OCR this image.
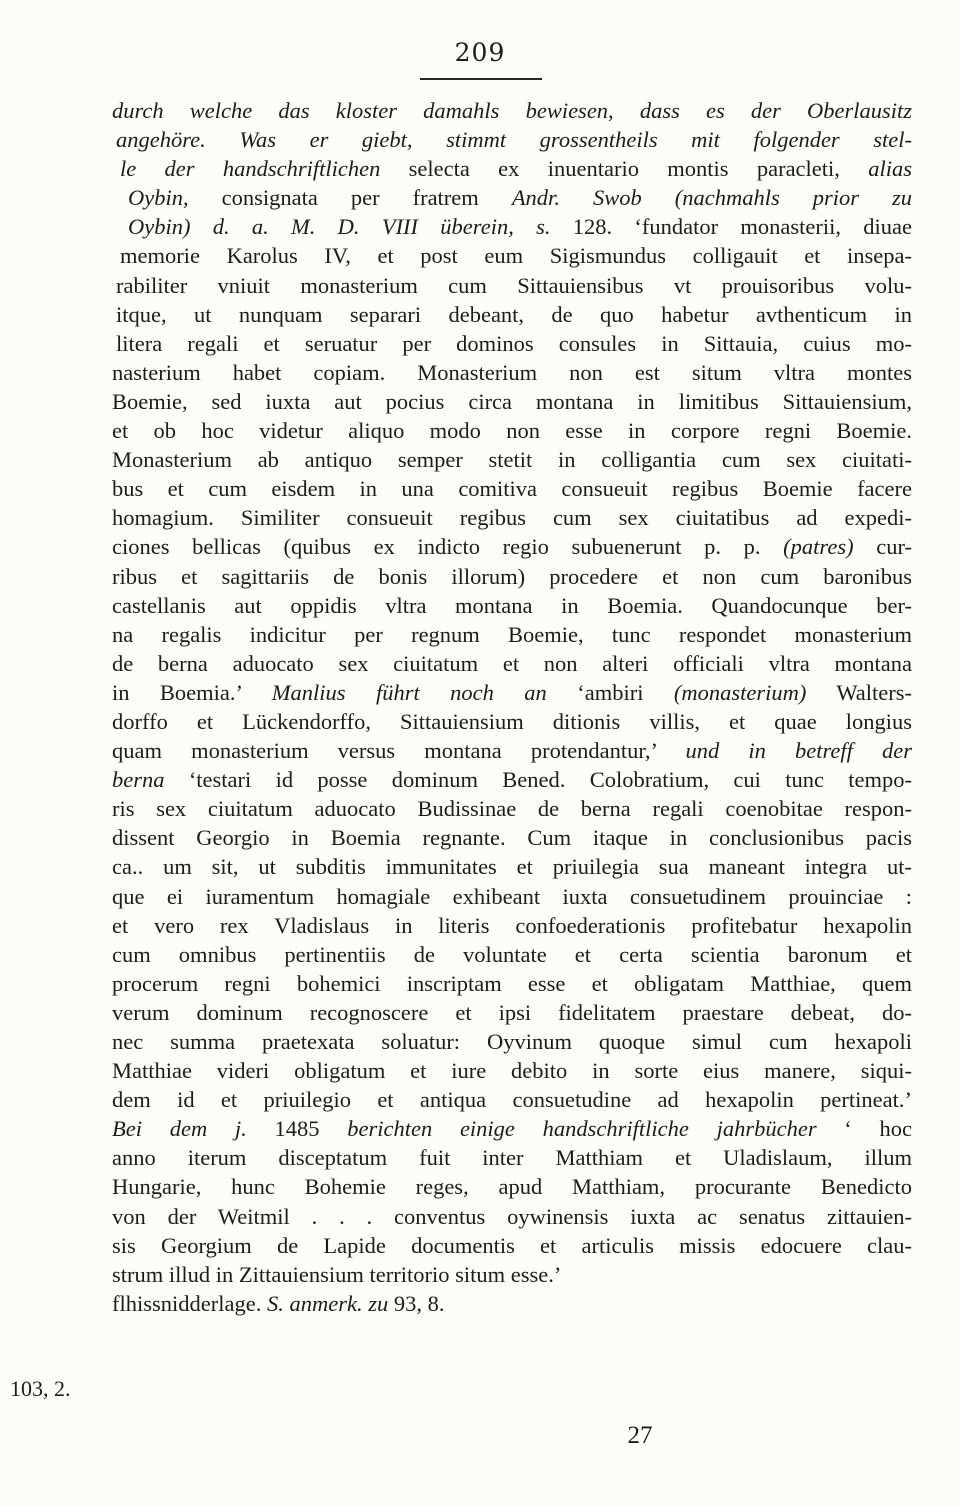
209
durch welche das kloster damahls bewiesen, dass es der Oberlausitz
angehöre. Was er giebt, stimmt grossentheils mit folgender stel-
le der handschriftlichen selecta ex inuentario montis paracleti, alias
Oybin, consignata per fratrem Andr. Swob (nachmahls prior zu
Oybin) d. a. M. D. VIII überein, s. 128. ‘fundator monasterii, diuae
memorie Karolus IV, et post eum Sigismundus colligauit et insepa-
rabiliter vniuit monasterium cum Sittauiensibus vt prouisoribus volu-
itque, ut nunquam separari debeant, de quo habetur avthenticum in
litera regali et seruatur per dominos consules in Sittauia, cuius mo-
nasterium habet copiam. Monasterium non est situm vltra montes
Boemie, sed iuxta aut pocius circa montana in limitibus Sittauiensium,
et ob hoc videtur aliquo modo non esse in corpore regni Boemie.
Monasterium ab antiquo semper stetit in colligantia cum sex ciuitati-
bus et cum eisdem in una comitiva consueuit regibus Boemie facere
homagium. Similiter consueuit regibus cum sex ciuitatibus ad expedi-
ciones bellicas (quibus ex indicto regio subuenerunt p. p. (patres) cur-
ribus et sagittariis de bonis illorum) procedere et non cum baronibus
castellanis aut oppidis vltra montana in Boemia. Quandocunque ber-
na regalis indicitur per regnum Boemie, tunc respondet monasterium
de berna aduocato sex ciuitatum et non alteri officiali vltra montana
in Boemia.’ Manlius führt noch an ‘ambiri (monasterium) Walters-
dorffo et Lückendorffo, Sittauiensium ditionis villis, et quae longius
quam monasterium versus montana protendantur,’ und in betreff der
berna ‘testari id posse dominum Bened. Colobratium, cui tunc tempo-
ris sex ciuitatum aduocato Budissinae de berna regali coenobitae respon-
dissent Georgio in Boemia regnante. Cum itaque in conclusionibus pacis
ca.. um sit, ut subditis immunitates et priuilegia sua maneant integra ut-
que ei iuramentum homagiale exhibeant iuxta consuetudinem prouinciae :
et vero rex Vladislaus in literis confoederationis profitebatur hexapolin
cum omnibus pertinentiis de voluntate et certa scientia baronum et
procerum regni bohemici inscriptam esse et obligatam Matthiae, quem
verum dominum recognoscere et ipsi fidelitatem praestare debeat, do-
nec summa praetexata soluatur: Oyvinum quoque simul cum hexapoli
Matthiae videri obligatum et iure debito in sorte eius manere, siqui-
dem id et priuilegio et antiqua consuetudine ad hexapolin pertineat.’
Bei dem j. 1485 berichten einige handschriftliche jahrbücher ‘ hoc
anno iterum disceptatum fuit inter Matthiam et Uladislaum, illum
Hungarie, hunc Bohemie reges, apud Matthiam, procurante Benedicto
von der Weitmil . . . conventus oywinensis iuxta ac senatus zittauien-
sis Georgium de Lapide documentis et articulis missis edocuere clau-
strum illud in Zittauiensium territorio situm esse.’
flhissnidderlage. S. anmerk. zu 93, 8.
103, 2.
27
